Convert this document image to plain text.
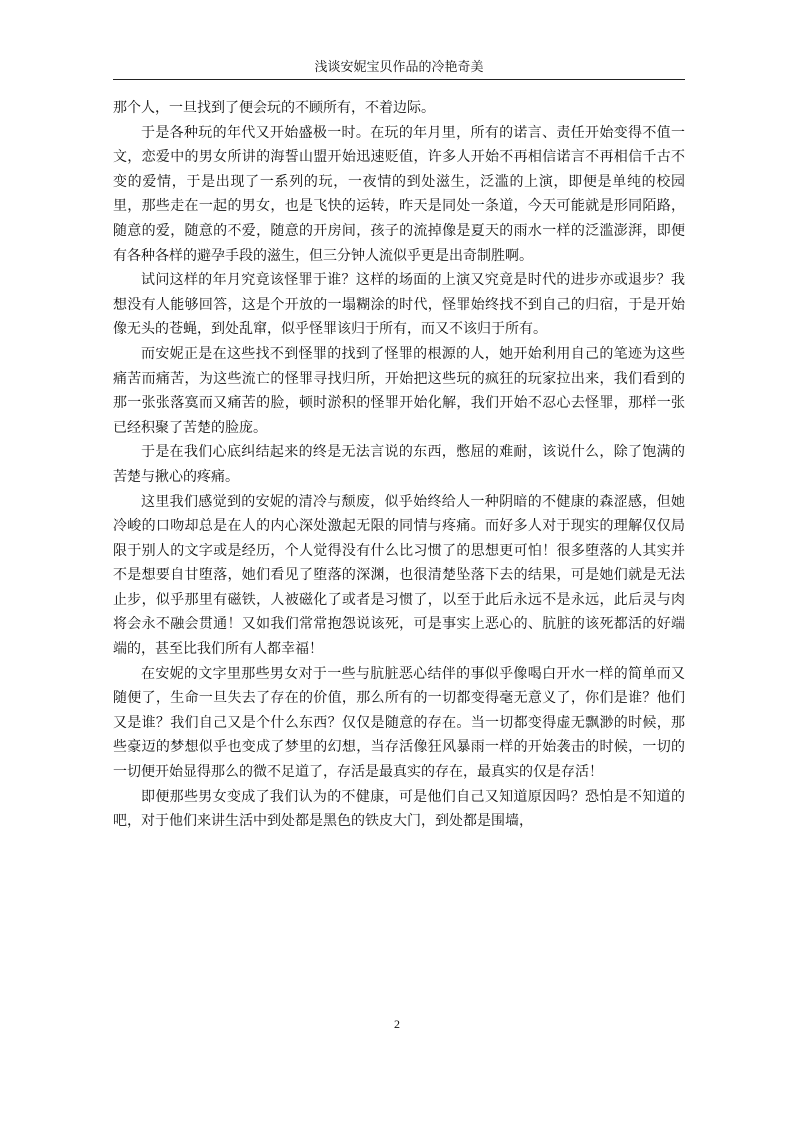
浅谈安妮宝贝作品的冷艳奇美

那个人，一旦找到了便会玩的不顾所有，不着边际。

于是各种玩的年代又开始盛极一时。在玩的年月里，所有的诺言、责任开始变得不值一文，恋爱中的男女所讲的海誓山盟开始迅速贬值，许多人开始不再相信诺言不再相信千古不变的爱情，于是出现了一系列的玩，一夜情的到处滋生，泛滥的上演，即便是单纯的校园里，那些走在一起的男女，也是飞快的运转，昨天是同处一条道，今天可能就是形同陌路，随意的爱，随意的不爱，随意的开房间，孩子的流掉像是夏天的雨水一样的泛滥澎湃，即便有各种各样的避孕手段的滋生，但三分钟人流似乎更是出奇制胜啊。

试问这样的年月究竟该怪罪于谁？这样的场面的上演又究竟是时代的进步亦或退步？我想没有人能够回答，这是个开放的一塌糊涂的时代，怪罪始终找不到自己的归宿，于是开始像无头的苍蝇，到处乱窜，似乎怪罪该归于所有，而又不该归于所有。

而安妮正是在这些找不到怪罪的找到了怪罪的根源的人，她开始利用自己的笔迹为这些痛苦而痛苦，为这些流亡的怪罪寻找归所，开始把这些玩的疯狂的玩家拉出来，我们看到的那一张张落寞而又痛苦的脸，顿时淤积的怪罪开始化解，我们开始不忍心去怪罪，那样一张已经积聚了苦楚的脸庞。

于是在我们心底纠结起来的终是无法言说的东西，憋屈的难耐，该说什么，除了饱满的苦楚与揪心的疼痛。

这里我们感觉到的安妮的清冷与颓废，似乎始终给人一种阴暗的不健康的森涩感，但她冷峻的口吻却总是在人的内心深处激起无限的同情与疼痛。而好多人对于现实的理解仅仅局限于别人的文字或是经历，个人觉得没有什么比习惯了的思想更可怕！很多堕落的人其实并不是想要自甘堕落，她们看见了堕落的深渊，也很清楚坠落下去的结果，可是她们就是无法止步，似乎那里有磁铁，人被磁化了或者是习惯了，以至于此后永远不是永远，此后灵与肉将会永不融会贯通！又如我们常常抱怨说该死，可是事实上恶心的、肮脏的该死都活的好端端的，甚至比我们所有人都幸福！

在安妮的文字里那些男女对于一些与肮脏恶心结伴的事似乎像喝白开水一样的简单而又随便了，生命一旦失去了存在的价值，那么所有的一切都变得毫无意义了，你们是谁？他们又是谁？我们自己又是个什么东西？仅仅是随意的存在。当一切都变得虚无飘渺的时候，那些豪迈的梦想似乎也变成了梦里的幻想，当存活像狂风暴雨一样的开始袭击的时候，一切的一切便开始显得那么的微不足道了，存活是最真实的存在，最真实的仅是存活！

即便那些男女变成了我们认为的不健康，可是他们自己又知道原因吗？恐怕是不知道的吧，对于他们来讲生活中到处都是黑色的铁皮大门，到处都是围墙，

2
